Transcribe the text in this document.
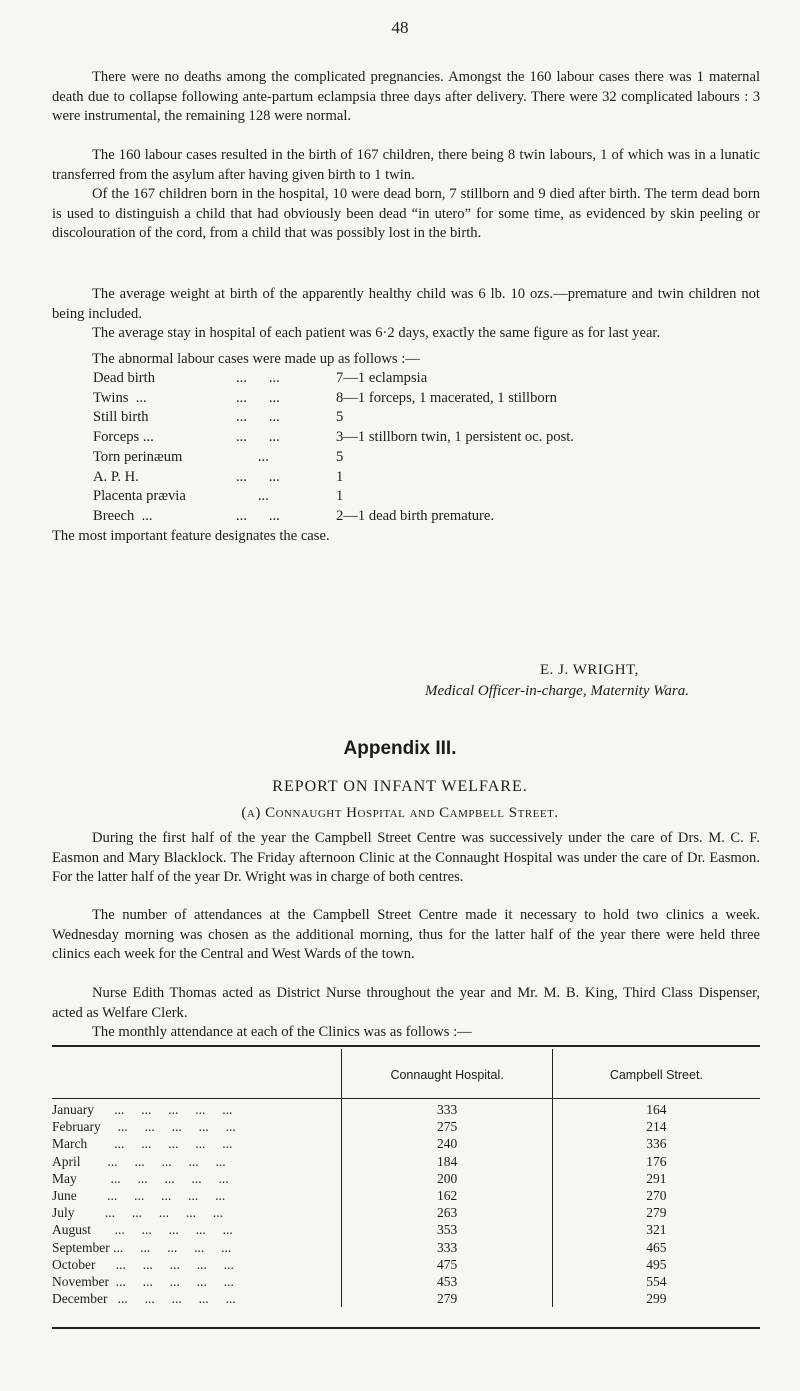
48

There were no deaths among the complicated pregnancies. Amongst the 160 labour cases there was 1 maternal death due to collapse following ante-partum eclampsia three days after delivery. There were 32 complicated labours : 3 were instrumental, the remaining 128 were normal.

The 160 labour cases resulted in the birth of 167 children, there being 8 twin labours, 1 of which was in a lunatic transferred from the asylum after having given birth to 1 twin.

Of the 167 children born in the hospital, 10 were dead born, 7 stillborn and 9 died after birth. The term dead born is used to distinguish a child that had obviously been dead “in utero” for some time, as evidenced by skin peeling or discolouration of the cord, from a child that was possibly lost in the birth.

The average weight at birth of the apparently healthy child was 6 lb. 10 ozs.—premature and twin children not being included.

The average stay in hospital of each patient was 6·2 days, exactly the same figure as for last year.

The abnormal labour cases were made up as follows :—

Dead birth	...      ...	7—1 eclampsia
Twins  ...	...      ...	8—1 forceps, 1 macerated, 1 stillborn
Still birth	...      ...	5
Forceps ...	...      ...	3—1 stillborn twin, 1 persistent oc. post.
Torn perinæum	...	5
A. P. H.	...      ...	1
Placenta prævia	...	1
Breech  ...	...      ...	2—1 dead birth premature.

The most important feature designates the case.

E. J. WRIGHT,
Medical Officer-in-charge, Maternity Wara.
Appendix III.
REPORT ON INFANT WELFARE.
(a) Connaught Hospital and Campbell Street.

During the first half of the year the Campbell Street Centre was successively under the care of Drs. M. C. F. Easmon and Mary Blacklock. The Friday afternoon Clinic at the Connaught Hospital was under the care of Dr. Easmon. For the latter half of the year Dr. Wright was in charge of both centres.

The number of attendances at the Campbell Street Centre made it necessary to hold two clinics a week. Wednesday morning was chosen as the additional morning, thus for the latter half of the year there were held three clinics each week for the Central and West Wards of the town.

Nurse Edith Thomas acted as District Nurse throughout the year and Mr. M. B. King, Third Class Dispenser, acted as Welfare Clerk.

The monthly attendance at each of the Clinics was as follows :—

	Connaught Hospital.	Campbell Street.
January      ...     ...     ...     ...     ...	333	164
February     ...     ...     ...     ...     ...	275	214
March        ...     ...     ...     ...     ...	240	336
April        ...     ...     ...     ...     ...	184	176
May          ...     ...     ...     ...     ...	200	291
June         ...     ...     ...     ...     ...	162	270
July         ...     ...     ...     ...     ...	263	279
August       ...     ...     ...     ...     ...	353	321
September ...     ...     ...     ...     ...	333	465
October      ...     ...     ...     ...     ...	475	495
November  ...     ...     ...     ...     ...	453	554
December   ...     ...     ...     ...     ...	279	299
